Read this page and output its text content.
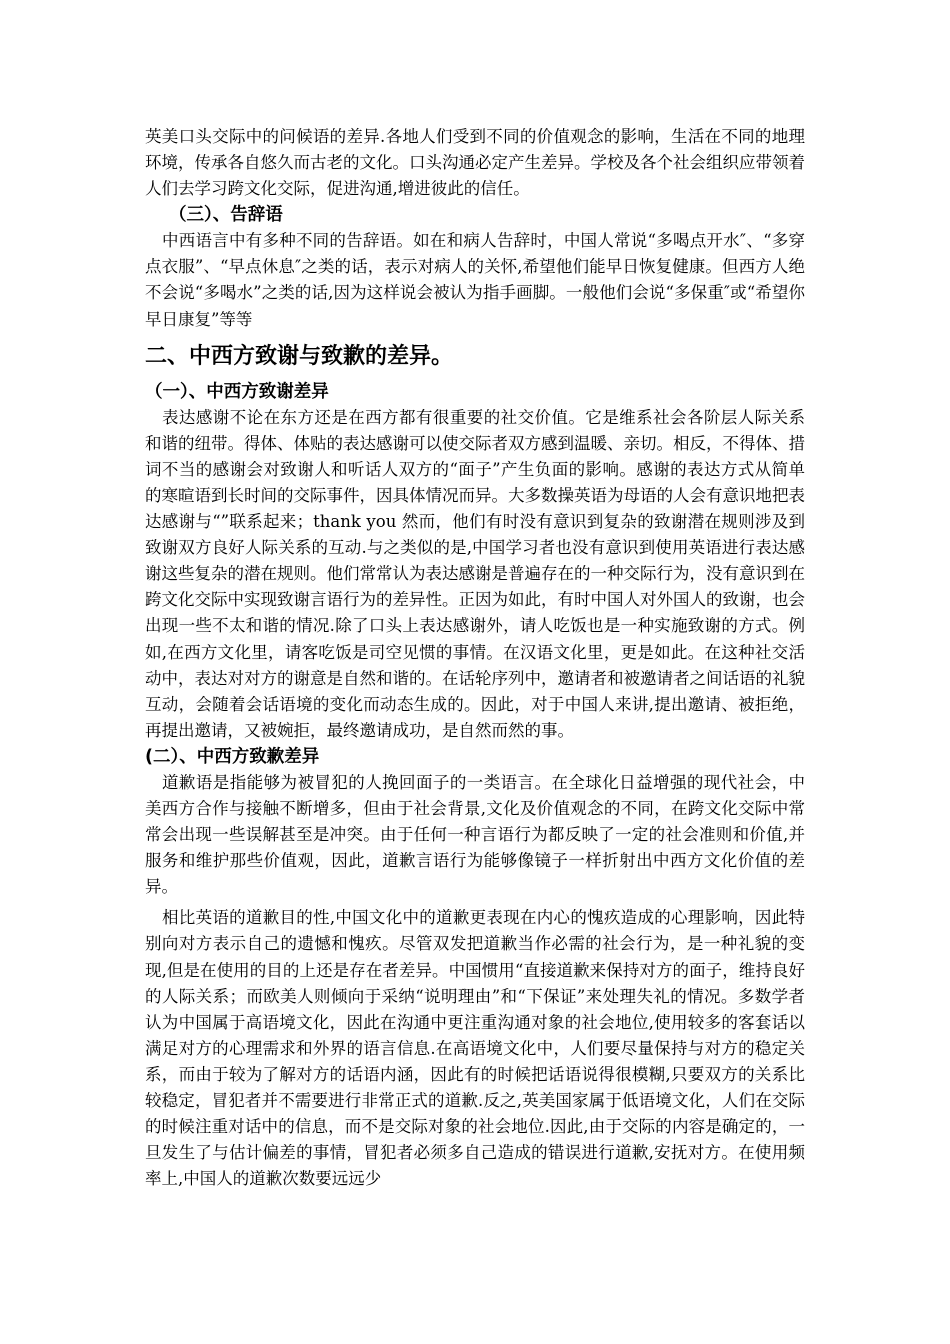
英美口头交际中的问候语的差异.各地人们受到不同的价值观念的影响，生活在不同的地理环境，传承各自悠久而古老的文化。口头沟通必定产生差异。学校及各个社会组织应带领着人们去学习跨文化交际，促进沟通,增进彼此的信任。

（三）、告辞语

中西语言中有多种不同的告辞语。如在和病人告辞时，中国人常说“多喝点开水″、“多穿点衣服”、“早点休息″之类的话，表示对病人的关怀,希望他们能早日恢复健康。但西方人绝不会说“多喝水”之类的话,因为这样说会被认为指手画脚。一般他们会说“多保重″或“希望你早日康复”等等

二、中西方致谢与致歉的差异。
（一）、中西方致谢差异

表达感谢不论在东方还是在西方都有很重要的社交价值。它是维系社会各阶层人际关系和谐的纽带。得体、体贴的表达感谢可以使交际者双方感到温暖、亲切。相反，不得体、措词不当的感谢会对致谢人和听话人双方的“面子”产生负面的影响。感谢的表达方式从简单的寒暄语到长时间的交际事件，因具体情况而异。大多数操英语为母语的人会有意识地把表达感谢与“”联系起来；thank you 然而，他们有时没有意识到复杂的致谢潜在规则涉及到致谢双方良好人际关系的互动.与之类似的是,中国学习者也没有意识到使用英语进行表达感谢这些复杂的潜在规则。他们常常认为表达感谢是普遍存在的一种交际行为，没有意识到在跨文化交际中实现致谢言语行为的差异性。正因为如此，有时中国人对外国人的致谢，也会出现一些不太和谐的情况.除了口头上表达感谢外，请人吃饭也是一种实施致谢的方式。例如,在西方文化里，请客吃饭是司空见惯的事情。在汉语文化里，更是如此。在这种社交活动中，表达对对方的谢意是自然和谐的。在话轮序列中，邀请者和被邀请者之间话语的礼貌互动，会随着会话语境的变化而动态生成的。因此，对于中国人来讲,提出邀请、被拒绝，再提出邀请，又被婉拒，最终邀请成功，是自然而然的事。

(二）、中西方致歉差异

道歉语是指能够为被冒犯的人挽回面子的一类语言。在全球化日益增强的现代社会，中美西方合作与接触不断增多，但由于社会背景,文化及价值观念的不同，在跨文化交际中常常会出现一些误解甚至是冲突。由于任何一种言语行为都反映了一定的社会准则和价值,并服务和维护那些价值观，因此，道歉言语行为能够像镜子一样折射出中西方文化价值的差异。

相比英语的道歉目的性,中国文化中的道歉更表现在内心的愧疚造成的心理影响，因此特别向对方表示自己的遗憾和愧疚。尽管双发把道歉当作必需的社会行为，是一种礼貌的变现,但是在使用的目的上还是存在者差异。中国惯用“直接道歉来保持对方的面子，维持良好的人际关系；而欧美人则倾向于采纳“说明理由”和“下保证”来处理失礼的情况。多数学者认为中国属于高语境文化，因此在沟通中更注重沟通对象的社会地位,使用较多的客套话以满足对方的心理需求和外界的语言信息.在高语境文化中，人们要尽量保持与对方的稳定关系，而由于较为了解对方的话语内涵，因此有的时候把话语说得很模糊,只要双方的关系比较稳定，冒犯者并不需要进行非常正式的道歉.反之,英美国家属于低语境文化，人们在交际的时候注重对话中的信息，而不是交际对象的社会地位.因此,由于交际的内容是确定的，一旦发生了与估计偏差的事情，冒犯者必须多自己造成的错误进行道歉,安抚对方。在使用频率上,中国人的道歉次数要远远少
